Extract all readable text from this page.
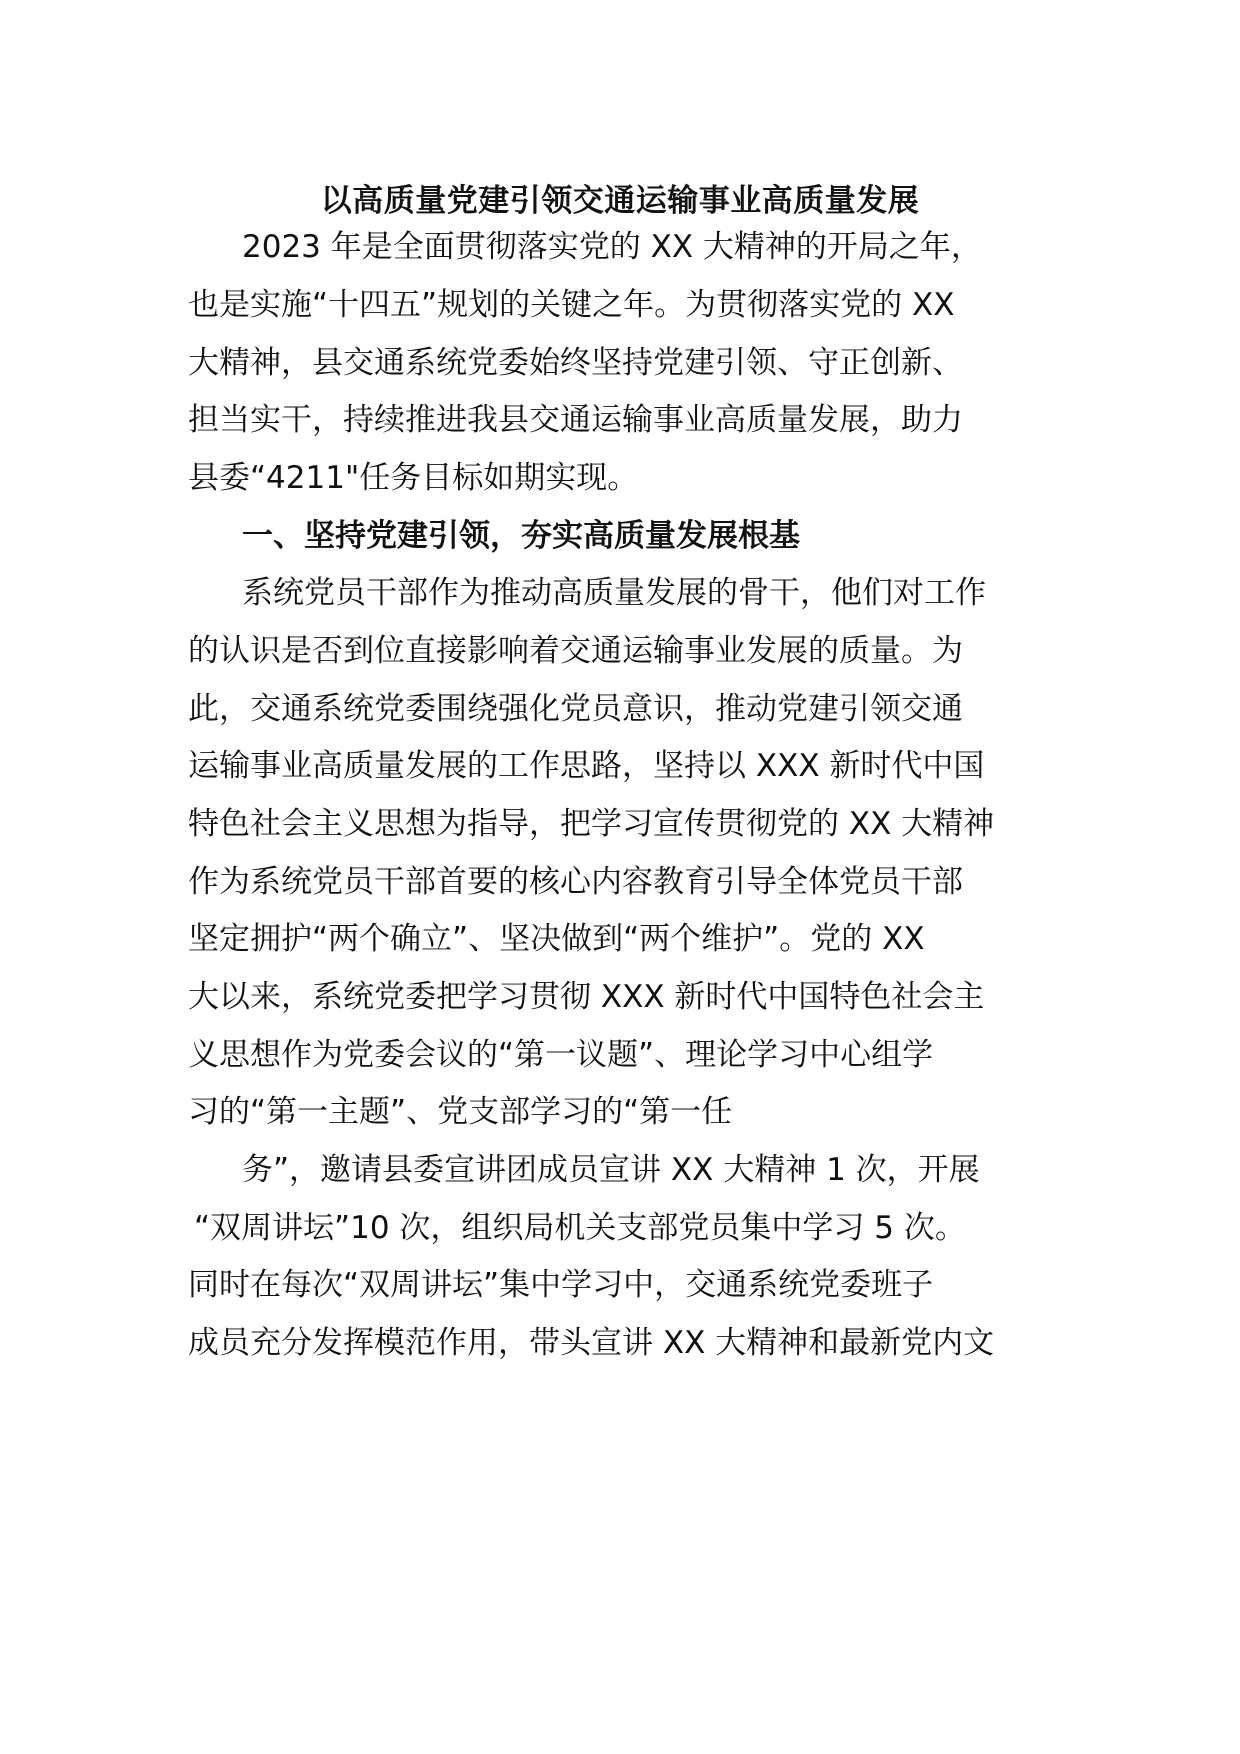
以高质量党建引领交通运输事业高质量发展
2023 年是全面贯彻落实党的 XX 大精神的开局之年，
也是实施“十四五”规划的关键之年。为贯彻落实党的 XX
大精神，县交通系统党委始终坚持党建引领、守正创新、
担当实干，持续推进我县交通运输事业高质量发展，助力
县委“4211"任务目标如期实现。
一、坚持党建引领，夯实高质量发展根基
系统党员干部作为推动高质量发展的骨干，他们对工作
的认识是否到位直接影响着交通运输事业发展的质量。为
此，交通系统党委围绕强化党员意识，推动党建引领交通
运输事业高质量发展的工作思路，坚持以 XXX 新时代中国
特色社会主义思想为指导，把学习宣传贯彻党的 XX 大精神
作为系统党员干部首要的核心内容教育引导全体党员干部
坚定拥护“两个确立”、坚决做到“两个维护”。党的 XX
大以来，系统党委把学习贯彻 XXX 新时代中国特色社会主
义思想作为党委会议的“第一议题”、理论学习中心组学
习的“第一主题”、党支部学习的“第一任
务”，邀请县委宣讲团成员宣讲 XX 大精神 1 次，开展
“双周讲坛”10 次，组织局机关支部党员集中学习 5 次。
同时在每次“双周讲坛”集中学习中，交通系统党委班子
成员充分发挥模范作用，带头宣讲 XX 大精神和最新党内文
